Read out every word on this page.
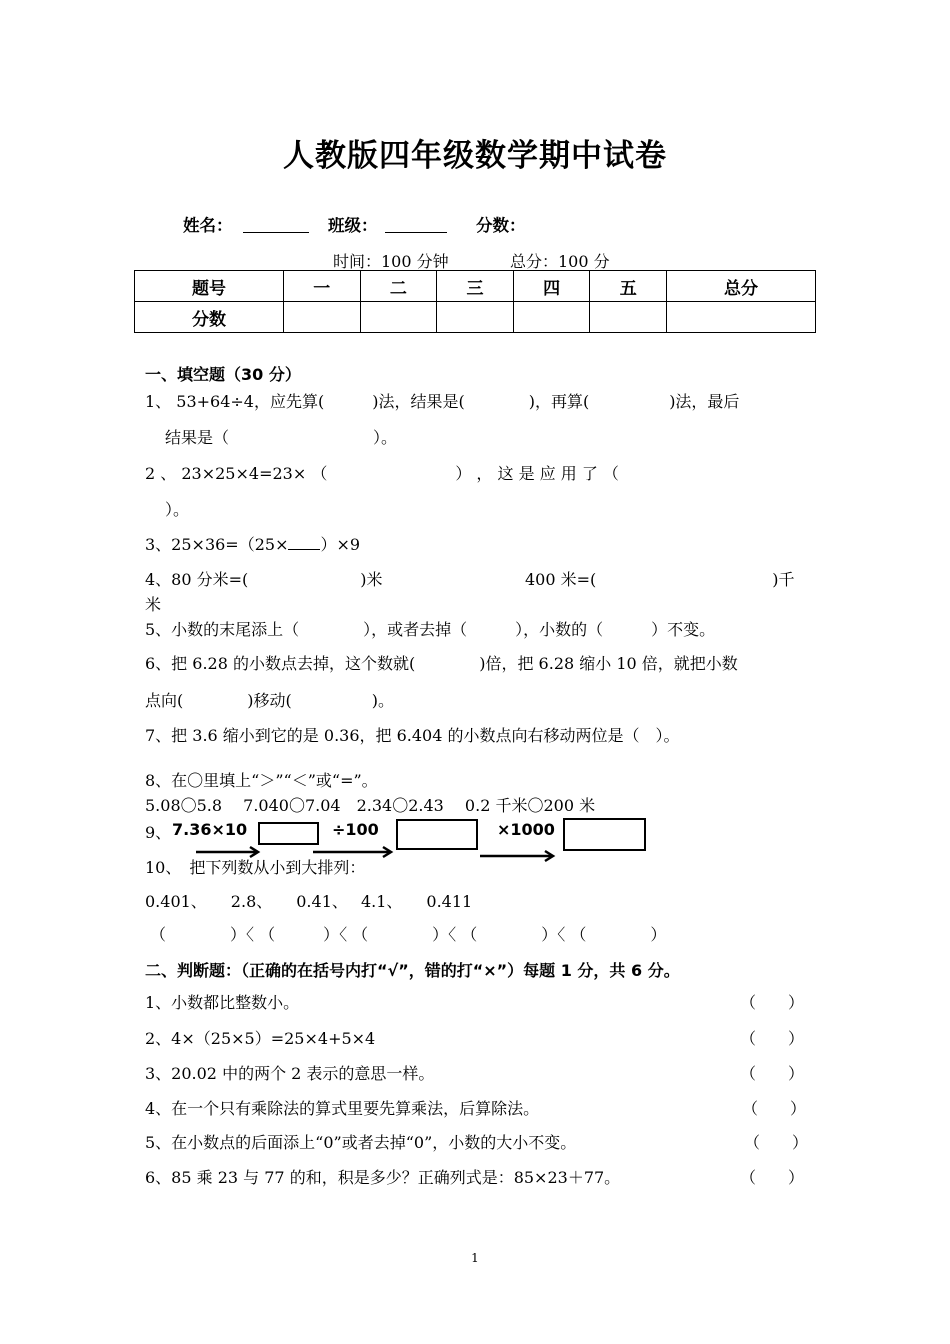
人教版四年级数学期中试卷
姓名：	班级：	分数：
时间：100 分钟	总分：100 分
题号	一	二	三	四	五	总分
分数						
一、填空题（30 分）
1、 53+64÷4，应先算(　　　)法，结果是(　　　　)，再算(　　　　　)法，最后
结果是（　　　　　　　　　）。
2 、 23×25×4=23× （　　　　　　　　） ， 这 是 应 用 了 （
）。
3、25×36=（25× ）×9
4、80 分米=(　　　　　　　)米	400 米=(　　　　　　　　　　　)千
米
5、小数的末尾添上（　　　　），或者去掉（　　　），小数的（　　　）不变。
6、把 6.28 的小数点去掉，这个数就(　　　　)倍，把 6.28 缩小 10 倍，就把小数
点向(　　　　)移动(　　　　　)。
7、把 3.6 缩小到它的是 0.36，把 6.404 的小数点向右移动两位是（　）。
8、在〇里填上“＞”“＜”或“=”。
5.08〇5.8　 7.040〇7.04　2.34〇2.43　 0.2 千米〇200 米
9、 7.36×10	÷100	×1000
10、　把下列数从小到大排列：
0.401、　　2.8、　　0.41、　 4.1、　　0.411
（　　　　）〈 （　　　）〈 （　　　　）〈 （　　　　）〈 （　　　　）
二、判断题：（正确的在括号内打“√”，错的打“×”）每题 1 分，共 6 分。
1、小数都比整数小。	（　　）
2、4×（25×5）=25×4+5×4	（　　）
3、20.02 中的两个 2 表示的意思一样。	（　　）
4、在一个只有乘除法的算式里要先算乘法，后算除法。	（　　）
5、在小数点的后面添上“0”或者去掉“0”，小数的大小不变。	（　　）
6、85 乘 23 与 77 的和，积是多少？正确列式是：85×23＋77。	（　　）
1
